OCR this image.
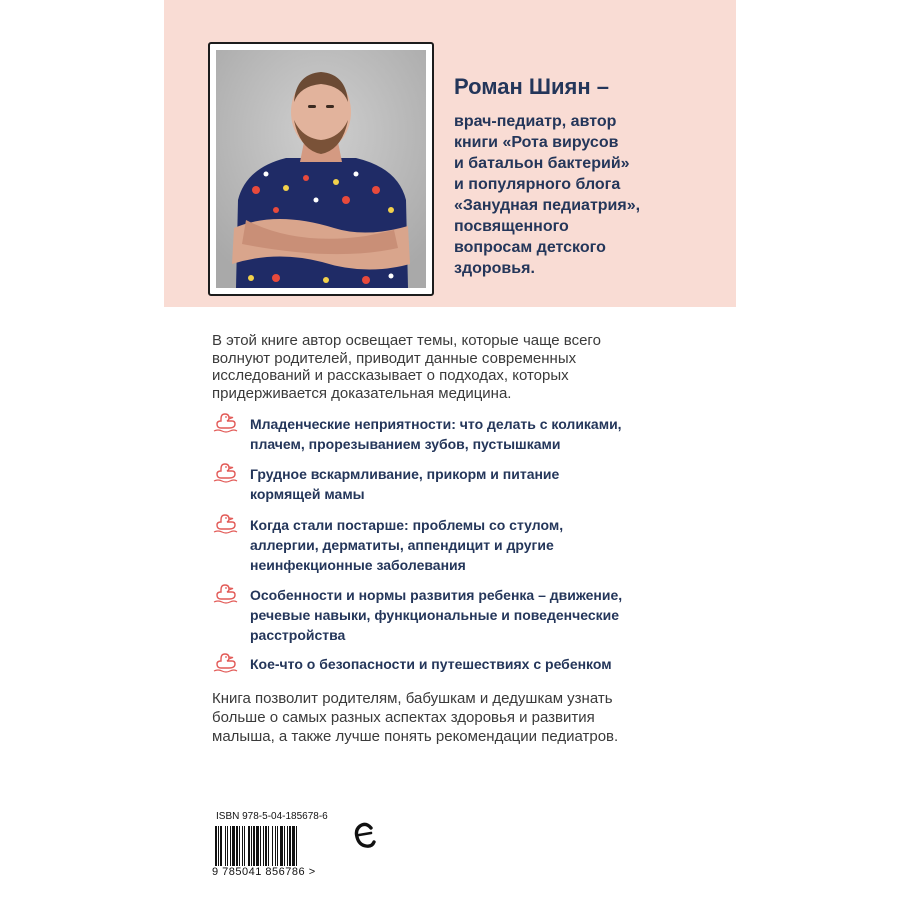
Роман Шиян –

врач-педиатр, автор
книги «Рота вирусов
и батальон бактерий»
и популярного блога
«Занудная педиатрия»,
посвященного
вопросам детского
здоровья.

В этой книге автор освещает темы, которые чаще всего
волнуют родителей, приводит данные современных
исследований и рассказывает о подходах, которых
придерживается доказательная медицина.

Младенческие неприятности: что делать с коликами,
плачем, прорезыванием зубов, пустышками
Грудное вскармливание, прикорм и питание
кормящей мамы
Когда стали постарше: проблемы со стулом,
аллергии, дерматиты, аппендицит и другие
неинфекционные заболевания
Особенности и нормы развития ребенка – движение,
речевые навыки, функциональные и поведенческие
расстройства
Кое-что о безопасности и путешествиях с ребенком

Книга позволит родителям, бабушкам и дедушкам узнать
больше о самых разных аспектах здоровья и развития
малыша, а также лучше понять рекомендации педиатров.

ISBN 978-5-04-185678-6
9 785041 856786 >
